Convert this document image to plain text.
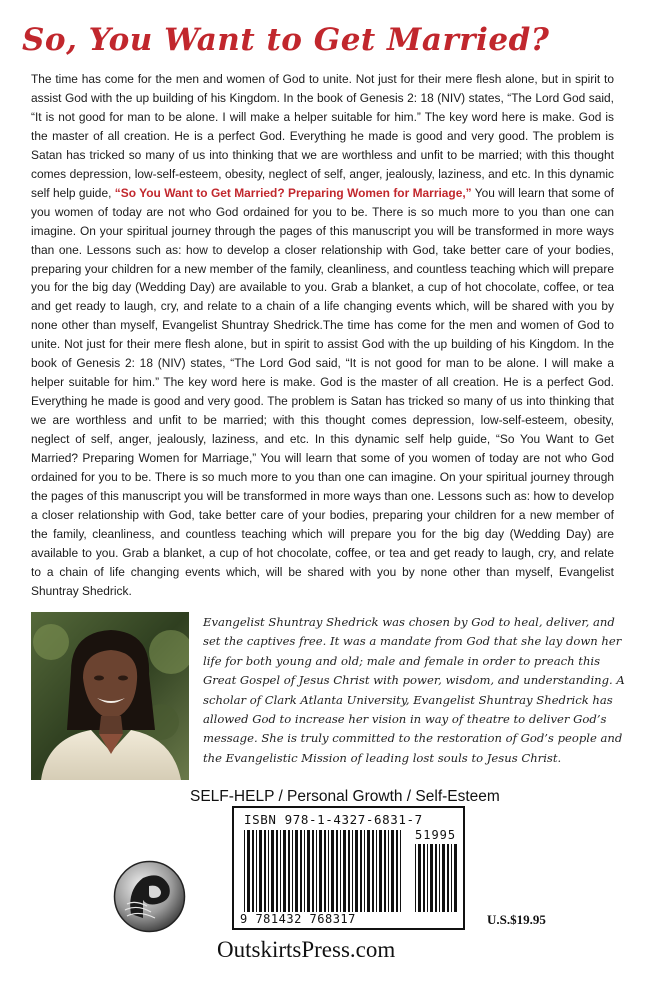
So, You Want to Get Married?
The time has come for the men and women of God to unite. Not just for their mere flesh alone, but in spirit to assist God with the up building of his Kingdom. In the book of Genesis 2: 18 (NIV) states, “The Lord God said, “It is not good for man to be alone. I will make a helper suitable for him.” The key word here is make. God is the master of all creation. He is a perfect God. Everything he made is good and very good. The problem is Satan has tricked so many of us into thinking that we are worthless and unfit to be married; with this thought comes depression, low-self-esteem, obesity, neglect of self, anger, jealously, laziness, and etc. In this dynamic self help guide, “So You Want to Get Married? Preparing Women for Marriage,” You will learn that some of you women of today are not who God ordained for you to be. There is so much more to you than one can imagine. On your spiritual journey through the pages of this manuscript you will be transformed in more ways than one. Lessons such as: how to develop a closer relationship with God, take better care of your bodies, preparing your children for a new member of the family, cleanliness, and countless teaching which will prepare you for the big day (Wedding Day) are available to you. Grab a blanket, a cup of hot chocolate, coffee, or tea and get ready to laugh, cry, and relate to a chain of a life changing events which, will be shared with you by none other than myself, Evangelist Shuntray Shedrick.The time has come for the men and women of God to unite. Not just for their mere flesh alone, but in spirit to assist God with the up building of his Kingdom. In the book of Genesis 2: 18 (NIV) states, “The Lord God said, “It is not good for man to be alone. I will make a helper suitable for him.” The key word here is make. God is the master of all creation. He is a perfect God. Everything he made is good and very good. The problem is Satan has tricked so many of us into thinking that we are worthless and unfit to be married; with this thought comes depression, low-self-esteem, obesity, neglect of self, anger, jealously, laziness, and etc. In this dynamic self help guide, “So You Want to Get Married? Preparing Women for Marriage,” You will learn that some of you women of today are not who God ordained for you to be. There is so much more to you than one can imagine. On your spiritual journey through the pages of this manuscript you will be transformed in more ways than one. Lessons such as: how to develop a closer relationship with God, take better care of your bodies, preparing your children for a new member of the family, cleanliness, and countless teaching which will prepare you for the big day (Wedding Day) are available to you. Grab a blanket, a cup of hot chocolate, coffee, or tea and get ready to laugh, cry, and relate to a chain of life changing events which, will be shared with you by none other than myself, Evangelist Shuntray Shedrick.
Evangelist Shuntray Shedrick was chosen by God to heal, deliver, and set the captives free. It was a mandate from God that she lay down her life for both young and old; male and female in order to preach this Great Gospel of Jesus Christ with power, wisdom, and understanding. A scholar of Clark Atlanta University, Evangelist Shuntray Shedrick has allowed God to increase her vision in way of theatre to deliver God’s message. She is truly committed to the restoration of God’s people and the Evangelistic Mission of leading lost souls to Jesus Christ.
SELF-HELP / Personal Growth / Self-Esteem
ISBN 978-1-4327-6831-7
51995
9 781432 768317	U.S.$19.95
OutskirtsPress.com
